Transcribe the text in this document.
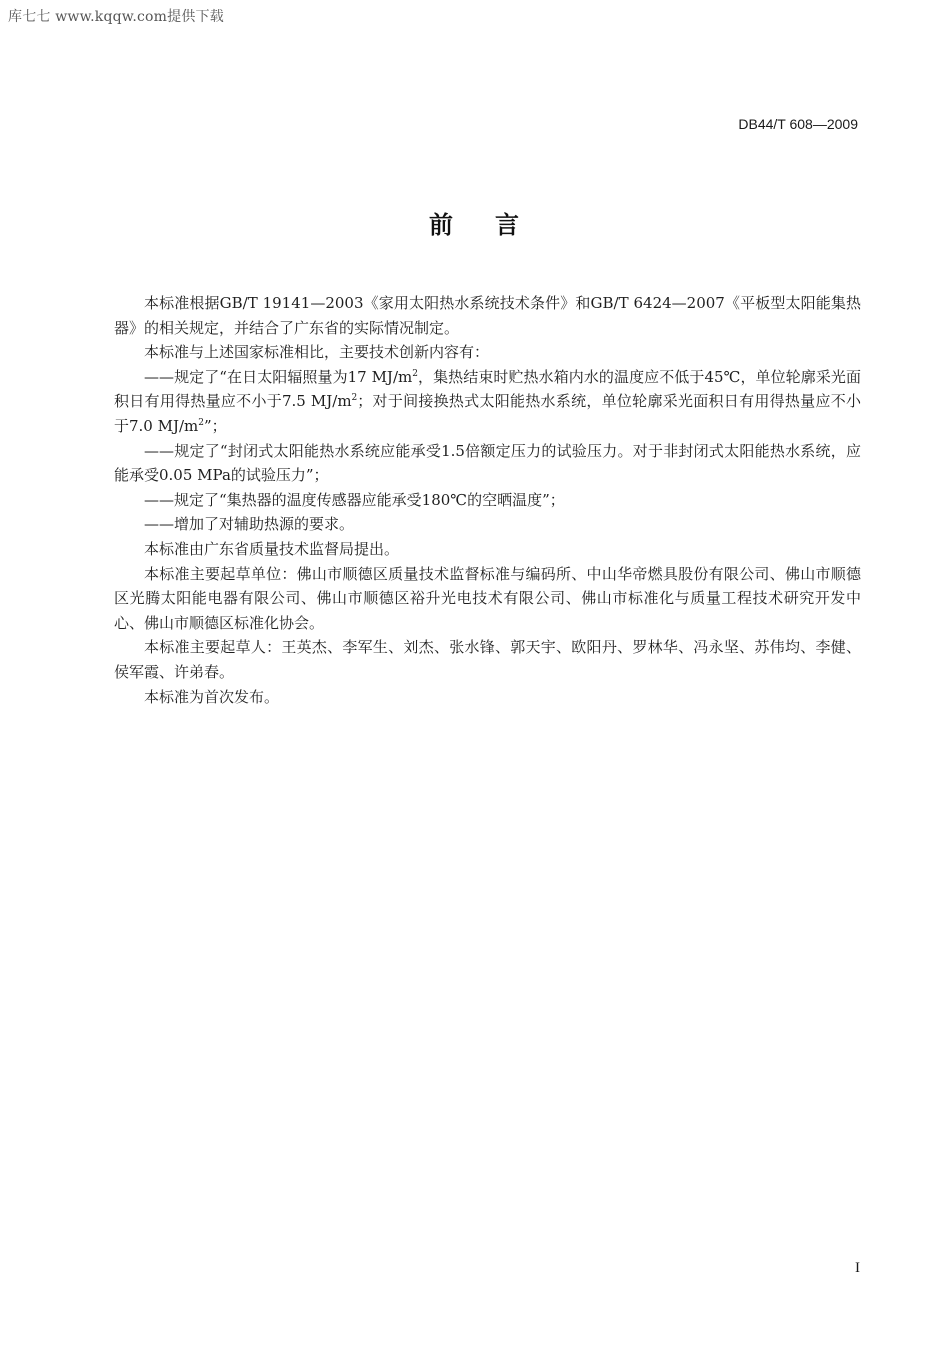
库七七 www.kqqw.com提供下载
DB44/T 608—2009
前 言

本标准根据GB/T 19141—2003《家用太阳热水系统技术条件》和GB/T 6424—2007《平板型太阳能集热器》的相关规定，并结合了广东省的实际情况制定。

本标准与上述国家标准相比，主要技术创新内容有：

——规定了“在日太阳辐照量为17 $MJ/m^2$，集热结束时贮热水箱内水的温度应不低于45℃，单位轮廓采光面积日有用得热量应不小于7.5 $MJ/m^2$；对于间接换热式太阳能热水系统，单位轮廓采光面积日有用得热量应不小于7.0 $MJ/m^2$”；

——规定了“封闭式太阳能热水系统应能承受1.5倍额定压力的试验压力。对于非封闭式太阳能热水系统，应能承受0.05 MPa的试验压力”；

——规定了“集热器的温度传感器应能承受180℃的空晒温度”；

——增加了对辅助热源的要求。

本标准由广东省质量技术监督局提出。

本标准主要起草单位：佛山市顺德区质量技术监督标准与编码所、中山华帝燃具股份有限公司、佛山市顺德区光腾太阳能电器有限公司、佛山市顺德区裕升光电技术有限公司、佛山市标准化与质量工程技术研究开发中心、佛山市顺德区标准化协会。

本标准主要起草人：王英杰、李军生、刘杰、张水锋、郭天宇、欧阳丹、罗林华、冯永坚、苏伟均、李健、侯军霞、许弟春。

本标准为首次发布。

I
